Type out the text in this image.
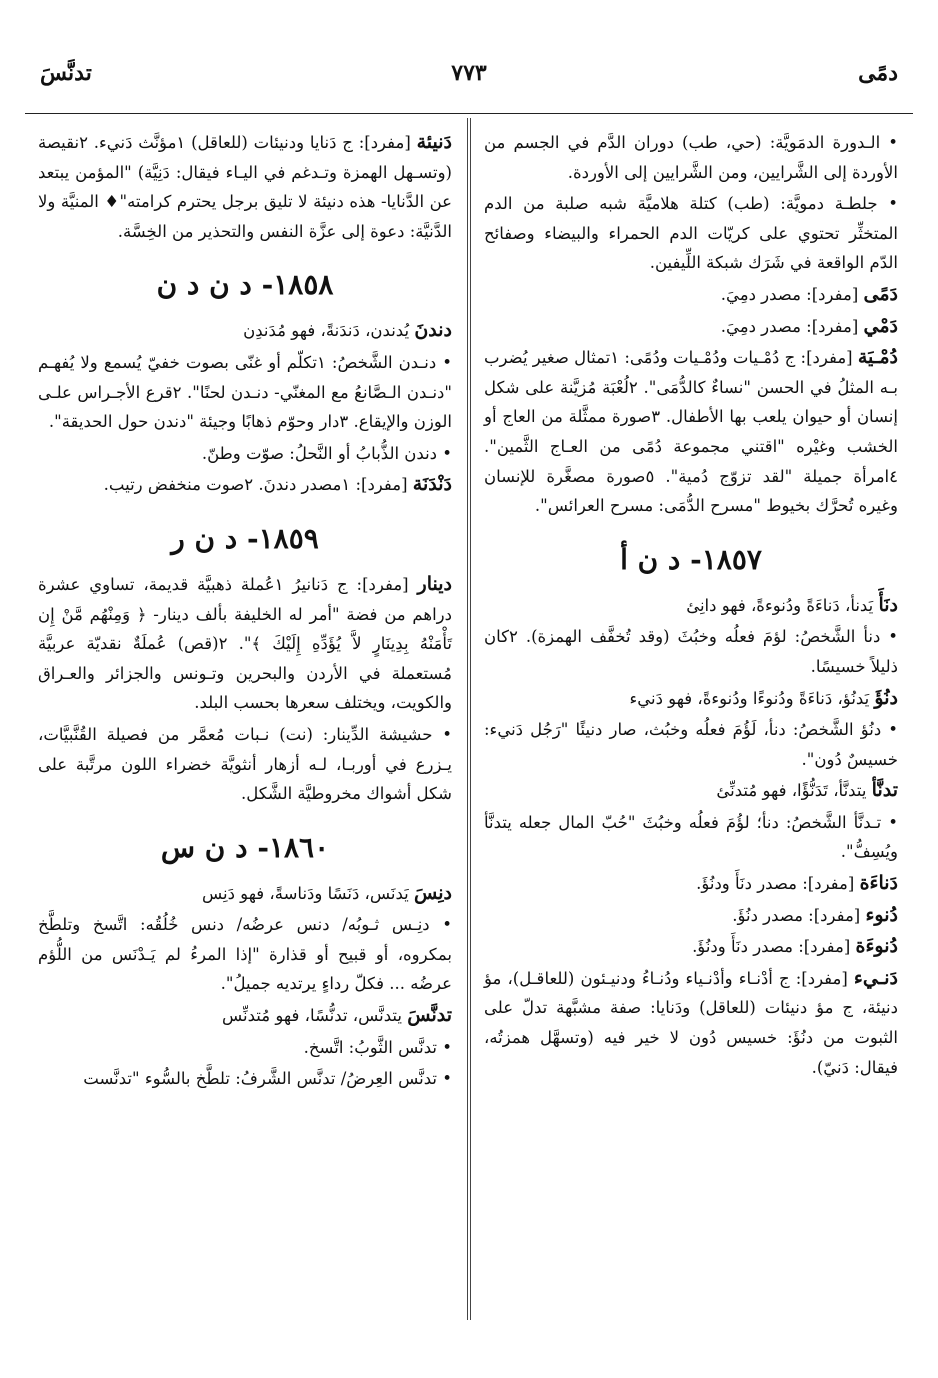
٧٧٣	دمًى
تدنَّسَ

• الـدورة الدمَويَّة: (حي، طب) دوران الدَّم في الجسم من الأوردة إلى الشَّرايين، ومن الشَّرايين إلى الأوردة.

• جلطـة دمويَّة: (طب) كتلة هلاميَّة شبه صلبة من الدم المتخثِّر تحتوي على كريّات الدم الحمراء والبيضاء وصفائح الدّم الواقعة في شَرَك شبكة اللِّيفين.

دَمًى [مفرد]: مصدر دمِيَ.

دَمْي [مفرد]: مصدر دمِيَ.

دُمْـيَة [مفرد]: ج دُمْـيات ودُمْـيات ودُمًى: ١تمثال صغير يُضرب بـه المثلُ في الحسن "نساءٌ كالدُّمَى". ٢لُعْبَة مُزيَّنة على شكل إنسان أو حيوان يلعب بها الأطفال. ٣صورة ممثَّلة من العاج أو الخشب وغيْره "اقتني مجموعة دُمًى من العـاج الثَّمين". ٤امرأة جميلة "لقد تزوّج دُمية". ٥صورة مصغَّرة للإنسان وغيره تُحرَّك بخيوط "مسرح الدُّمَى: مسرح العرائس".

١٨٥٧- د ن أ

دنَأَ يَدنأ، دَناءَةً ودُنوءةً، فهو دانِئ

• دنأ الشَّخصُ: لؤمَ فعلُه وخبُثَ (وقد تُخفَّف الهمزة). ٢كان ذليلاً خسيسًا.

دنُؤَ يَدنُؤ، دَناءَةً ودُنوءًا ودُنوءةً، فهو دَنيء

• دنُؤ الشَّخصُ: دنأ، لَؤُمَ فعلُه وخبُث، صار دنيئًا "رَجُل دَنيء: خسيسٌ دُون".

تدنَّأ يتدنَّأ، تَدَنُّؤًا، فهو مُتدنِّئ

• تـدنَّأ الشَّخصُ: دنأ؛ لؤُمَ فعلُه وخبُثَ "حُبّ المال جعله يتدنَّأ ويُسِفُّ".

دَناءَة [مفرد]: مصدر دنَأَ ودنُؤَ.

دُنوء [مفرد]: مصدر دنُؤَ.

دُنوءَة [مفرد]: مصدر دنَأَ ودنُؤَ.

دَنـيء [مفرد]: ج أدْنـاء وأدْنـياء ودُنـاءُ ودنيـئون (للعاقـل)، مؤ دنيئة، ج مؤ دنيئات (للعاقل) ودَنايا: صفة مشبَّهة تدلّ على الثبوت من دنُؤَ: خسيس دُون لا خير فيه (وتسهَّل همزتُه، فيقال: دَنيّ).

دَنيئة [مفرد]: ج دَنايا ودنيئات (للعاقل) ١مؤنَّث دَنيء. ٢نقيصة (وتسـهل الهمزة وتـدغم في اليـاء فيقال: دَنِيَّة) "المؤمن يبتعد عن الدَّنايا- هذه دنيئة لا تليق برجل يحترم كرامته"♦ المنيَّة ولا الدَّنيَّة: دعوة إلى عزَّة النفس والتحذير من الخِسَّة.

١٨٥٨- د ن د ن

دندنَ يُدندن، دَندَنةً، فهو مُدَندِن

• دنـدن الشَّخصُ: ١تكلّم أو غنّى بصوت خفيّ يُسمع ولا يُفهـم "دنـدن الـصَّانعُ مع المغنّي- دنـدن لحنًا". ٢قرع الأجـراس علـى الوزن والإيقاع. ٣دار وحوّم ذهابًا وجيئة "دندن حول الحديقة".

• دندن الذُّبابُ أو النَّحلُ: صوّت وطنّ.

دَنْدَنَة [مفرد]: ١مصدر دندنَ. ٢صوت منخفض رتيب.

١٨٥٩- د ن ر

دينار [مفرد]: ج دَنانيرُ ١عُملة ذهبيَّة قديمة، تساوي عشرة دراهم من فضة "أمر له الخليفة بألف دينار- ﴿ وَمِنْهُم مَّنْ إِن تَأْمَنْهُ بِدِينَارٍ لاَّ يُؤَدِّهِ إِلَيْكَ ﴾". ٢(قص) عُملَةٌ نقديّة عربيَّة مُستعملة في الأردن والبحرين وتـونس والجزائر والعـراق والكويت، ويختلف سعرها بحسب البلد.

• حشيشة الدِّينار: (نت) نـبات مُعمَّر من فصيلة القُنَّبيَّات، يـزرع في أوربـا، لـه أزهار أنثويَّة خضراء اللون مرتَّبة على شكل أشواك مخروطيَّة الشَّكل.

١٨٦٠- د ن س

دنِسَ يَدنَس، دَنَسًا ودَناسةً، فهو دَنِس

• دنِـس ثـوبُه/ دنس عرضُه/ دنس خُلُقُه: اتَّسخ وتلطَّخ بمكروه، أو قبيح أو قذارة "إذا المرءُ لم يَـدْنَس من اللُّؤم عرضُه ... فكلّ رداءٍ يرتديه جميلُ".

تدنَّسَ يتدنَّس، تدنُّسًا، فهو مُتدنِّس

• تدنَّس الثَّوبُ: اتَّسخ.

• تدنَّس العِرضُ/ تدنَّس الشَّرفُ: تلطَّخ بالسُّوء "تدنَّست
